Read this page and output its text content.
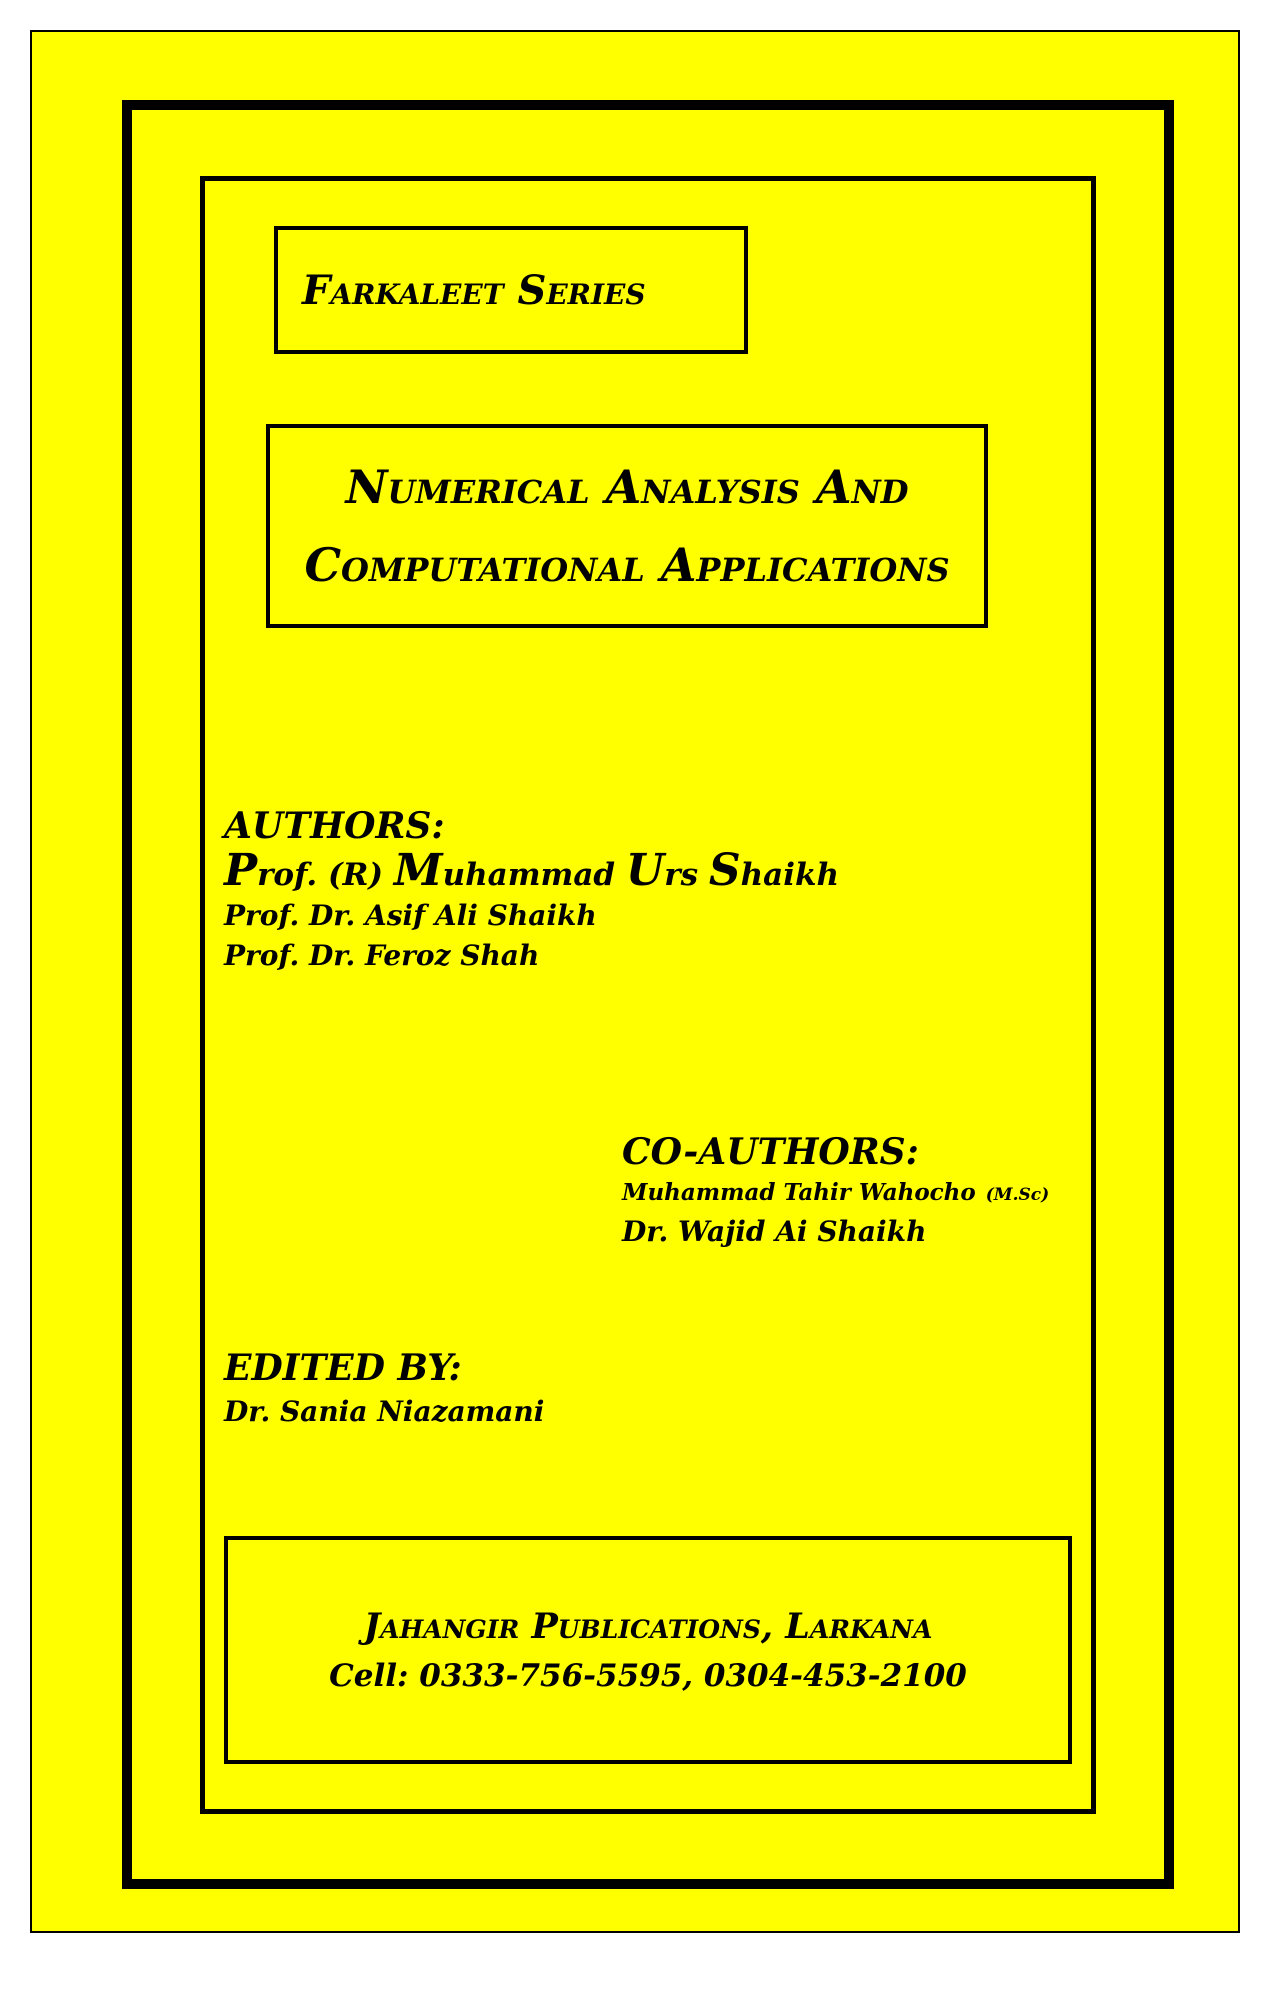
Farkaleet Series

Numerical Analysis And

Computational Applications

AUTHORS:

Prof. (R) Muhammad Urs Shaikh

Prof. Dr. Asif Ali Shaikh

Prof. Dr. Feroz Shah

CO-AUTHORS:

Muhammad Tahir Wahocho (M.Sc)

Dr. Wajid Ai Shaikh

EDITED BY:

Dr. Sania Niazamani

Jahangir Publications, Larkana

Cell: 0333-756-5595, 0304-453-2100
